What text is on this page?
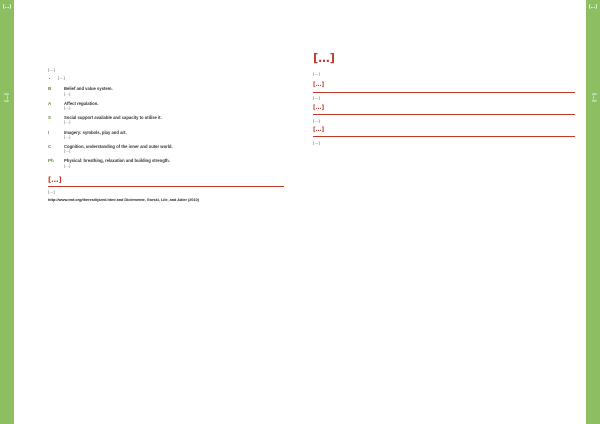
[…]
[…]
[…]
[…]

[…]

• […]
B	Belief and value system.
[…]
A	Affect regulation.
[…]
S	Social support available and capacity to utilise it.
[…]
I	Imagery: symbols, play and art.
[…]
C	Cognition, understanding of the inner and outer world.
[…]
Ph	Physical: breathing, relaxation and building strength.
[…]
[…]

[…]

http://www.tmf.org/theresiliyized.html and Diclemente, Gorski, Lile, and Adier (2010)
[…]
[…]
[…]

[…]

[…]

[…]

[…]

[…]
